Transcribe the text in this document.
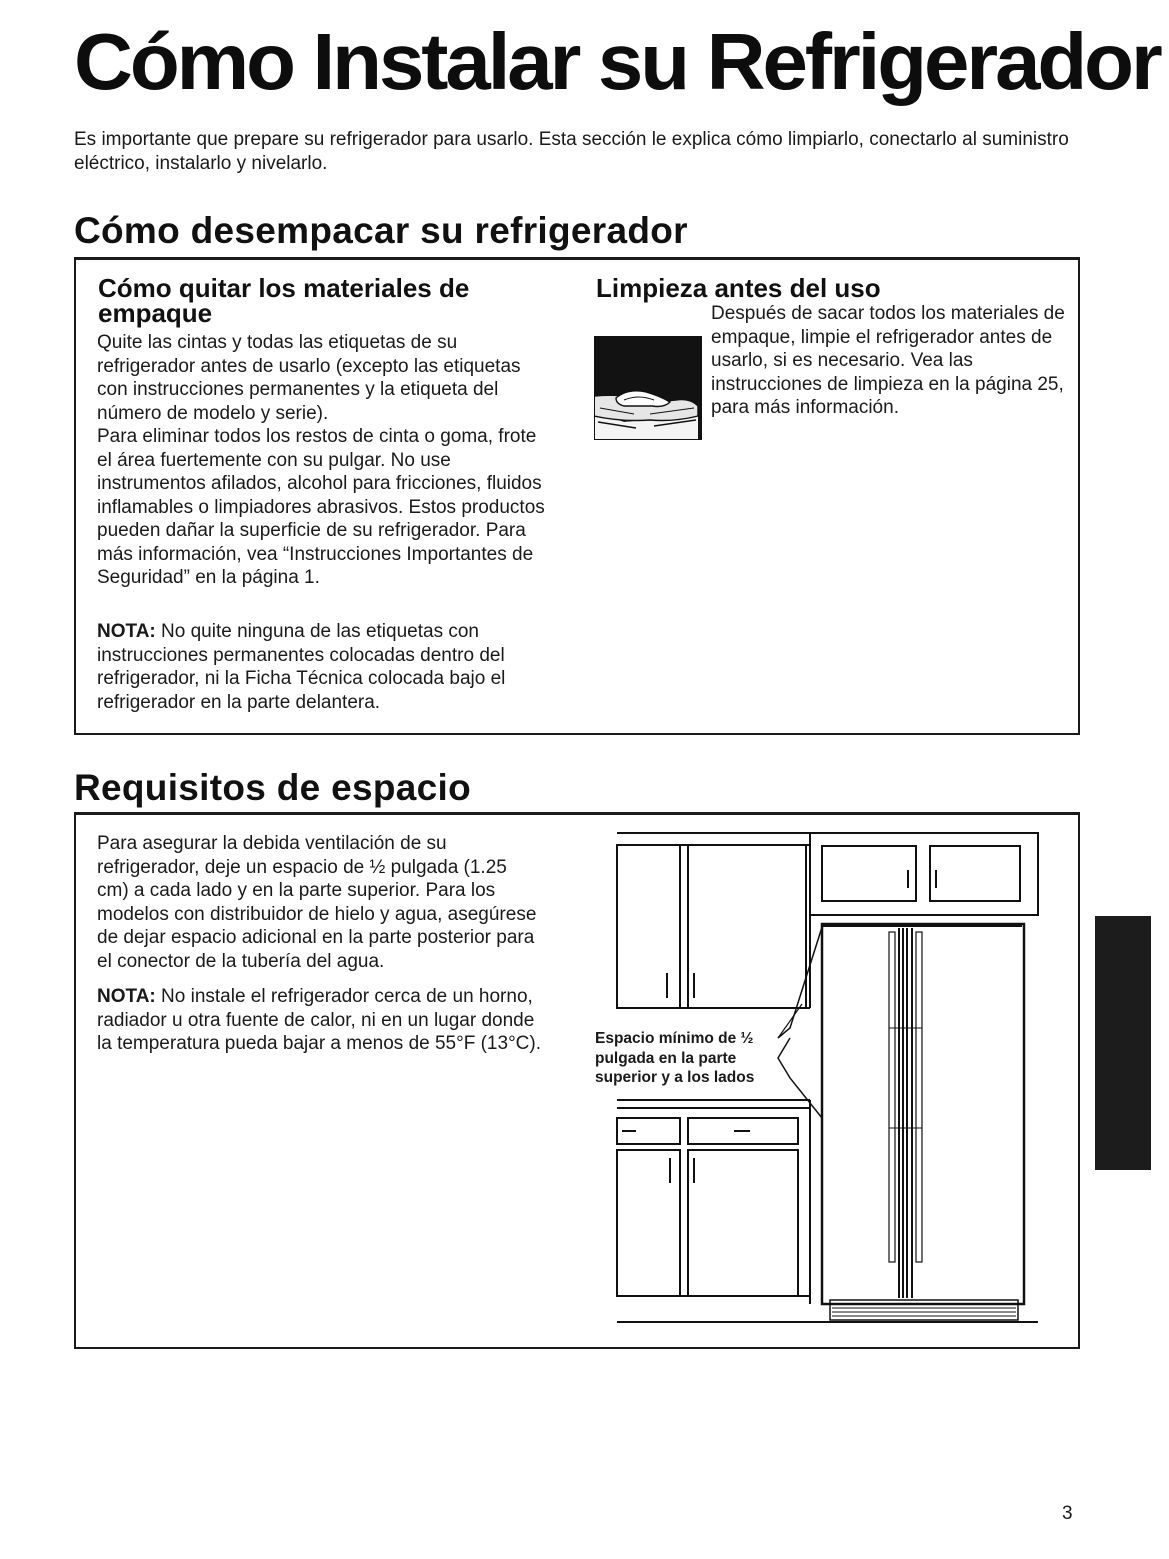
Cómo Instalar su Refrigerador
Es importante que prepare su refrigerador para usarlo. Esta sección le explica cómo limpiarlo, conectarlo al suministro eléctrico, instalarlo y nivelarlo.
Cómo desempacar su refrigerador
Cómo quitar los materiales de empaque
Quite las cintas y todas las etiquetas de su refrigerador antes de usarlo (excepto las etiquetas con instrucciones permanentes y la etiqueta del número de modelo y serie).
Para eliminar todos los restos de cinta o goma, frote el área fuertemente con su pulgar. No use instrumentos afilados, alcohol para fricciones, fluidos inflamables o limpiadores abrasivos. Estos productos pueden dañar la superficie de su refrigerador. Para más información, vea “Instrucciones Importantes de Seguridad” en la página 1.
NOTA: No quite ninguna de las etiquetas con instrucciones permanentes colocadas dentro del refrigerador, ni la Ficha Técnica colocada bajo el refrigerador en la parte delantera.
Limpieza antes del uso
Después de sacar todos los materiales de empaque, limpie el refrigerador antes de usarlo, si es necesario. Vea las instrucciones de limpieza en la página 25, para más información.
Requisitos de espacio
Para asegurar la debida ventilación de su refrigerador, deje un espacio de ½ pulgada (1.25 cm) a cada lado y en la parte superior. Para los modelos con distribuidor de hielo y agua, asegúrese de dejar espacio adicional en la parte posterior para el conector de la tubería del agua.
NOTA: No instale el refrigerador cerca de un horno, radiador u otra fuente de calor, ni en un lugar donde la temperatura pueda bajar a menos de 55°F (13°C).	Espacio mínimo de ½
pulgada en la parte
superior y a los lados
3
